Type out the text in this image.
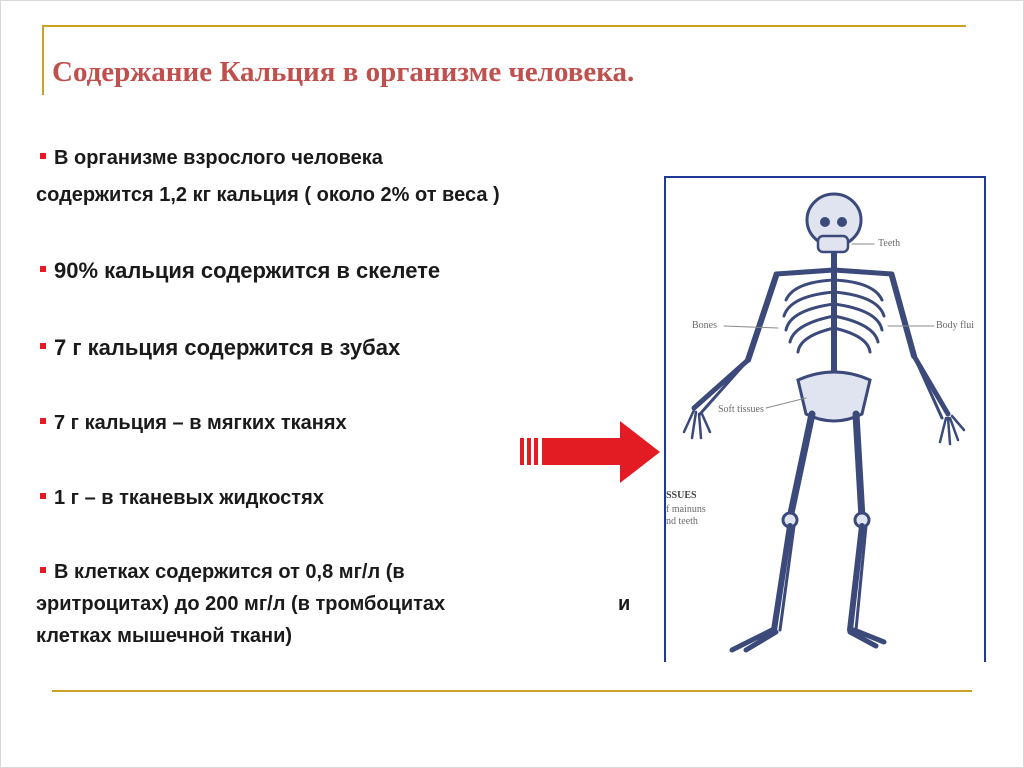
Содержание Кальция в организме человека.
В организме взрослого человека
содержится 1,2 кг кальция ( около 2% от веса )
90% кальция содержится в скелете
7 г кальция содержится в зубах
7 г кальция – в мягких тканях
1 г – в тканевых жидкостях
В клетках содержится от 0,8 мг/л (в
эритроцитах) до 200 мг/л (в тромбоцитах	и
клетках мышечной ткани)
Teeth
Bones	Body flui
Soft tissues
SSUES
f mainuns
nd teeth
